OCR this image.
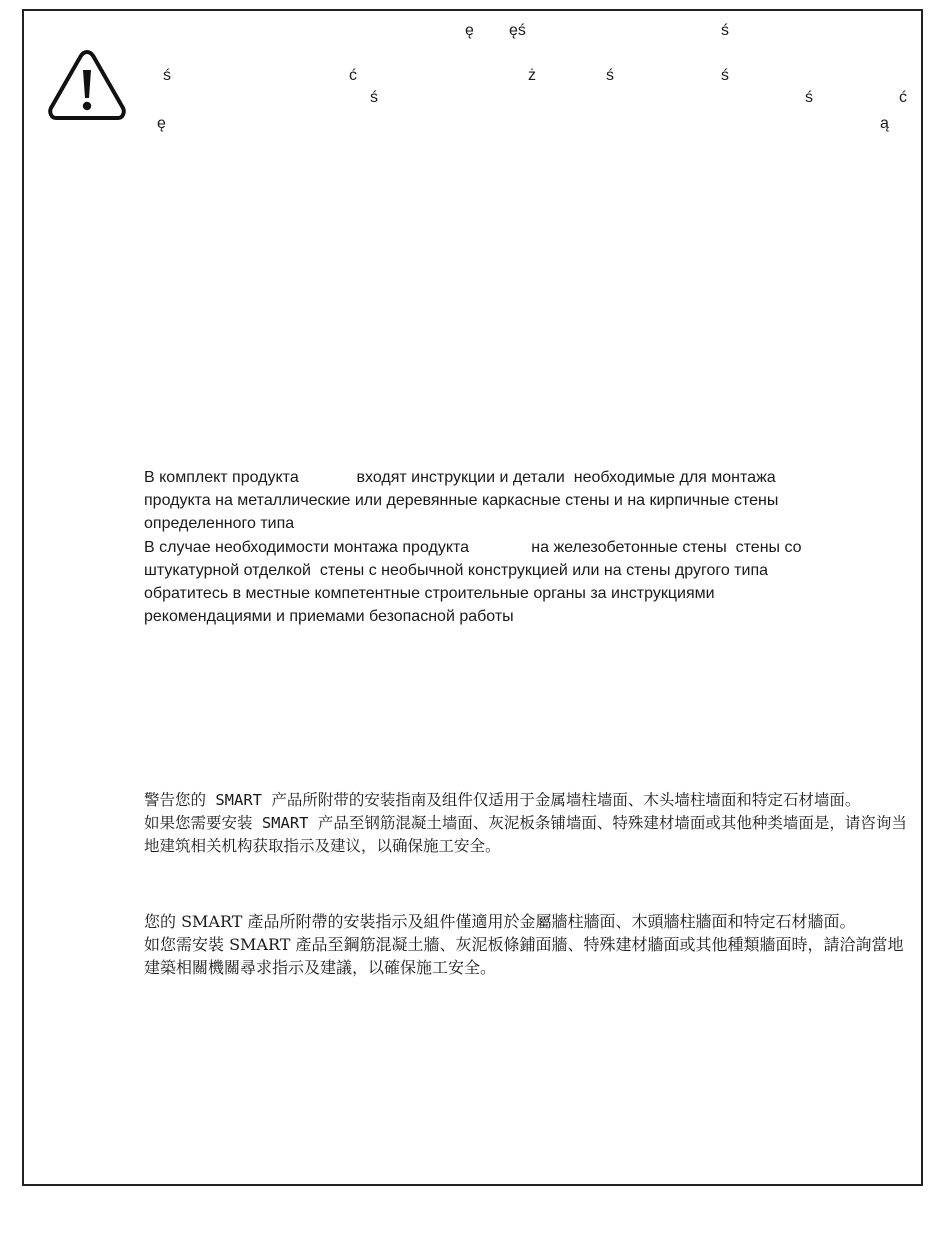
ę ęś	ś
ś	ć
ś
ż	ś	ś
ś	ć
ę	ą

В комплект продукта             входят инструкции и детали  необходимые для монтажа

продукта на металлические или деревянные каркасные стены и на кирпичные стены

определенного типа

В случае необходимости монтажа продукта              на железобетонные стены  стены со

штукатурной отделкой  стены с необычной конструкцией или на стены другого типа

обратитесь в местные компетентные строительные органы за инструкциями

рекомендациями и приемами безопасной работы

警告您的 SMART 产品所附带的安装指南及组件仅适用于金属墙柱墙面、木头墙柱墙面和特定石材墙面。

如果您需要安装 SMART 产品至钢筋混凝土墙面、灰泥板条铺墙面、特殊建材墙面或其他种类墙面是，请咨询当地建筑相关机构获取指示及建议，以确保施工安全。

您的 SMART 產品所附帶的安裝指示及組件僅適用於金屬牆柱牆面、木頭牆柱牆面和特定石材牆面。

如您需安裝 SMART 產品至鋼筋混凝土牆、灰泥板條鋪面牆、特殊建材牆面或其他種類牆面時，請洽詢當地建築相關機關尋求指示及建議，以確保施工安全。
